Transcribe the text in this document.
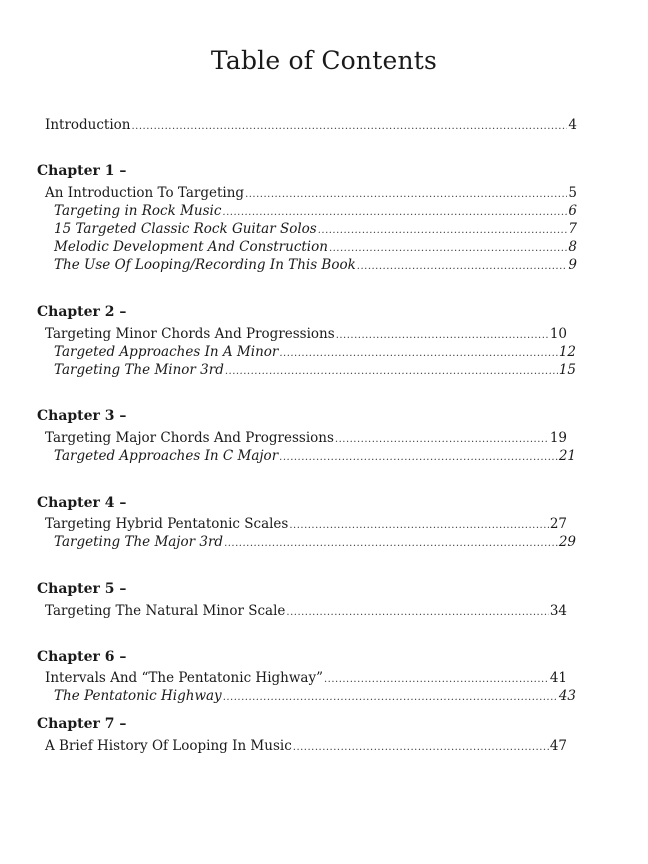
Table of Contents
Introduction .....	4
Chapter 1 –
An Introduction To Targeting .....	5
Targeting in Rock Music .....	6
15 Targeted Classic Rock Guitar Solos .....	7
Melodic Development And Construction .....	8
The Use Of Looping/Recording In This Book .....	9
Chapter 2 –
Targeting Minor Chords And Progressions .....	10
Targeted Approaches In A Minor .....	12
Targeting The Minor 3rd .....	15
Chapter 3 –
Targeting Major Chords And Progressions .....	19
Targeted Approaches In C Major .....	21
Chapter 4 –
Targeting Hybrid Pentatonic Scales .....	27
Targeting The Major 3rd .....	29
Chapter 5 –
Targeting The Natural Minor Scale .....	34
Chapter 6 –
Intervals And “The Pentatonic Highway” .....	41
The Pentatonic Highway .....	43
Chapter 7 –
A Brief History Of Looping In Music .....	47
